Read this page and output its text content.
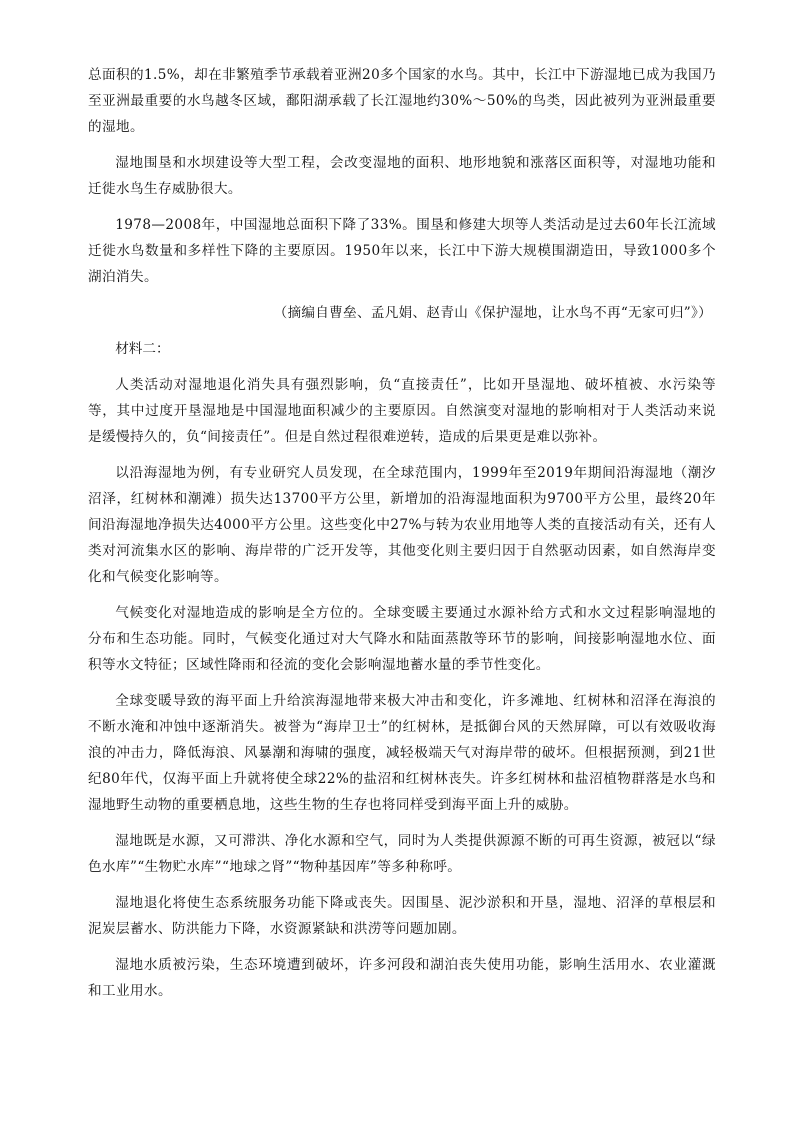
总面积的1.5%，却在非繁殖季节承载着亚洲20多个国家的水鸟。其中，长江中下游湿地已成为我国乃至亚洲最重要的水鸟越冬区域，鄱阳湖承载了长江湿地约30%～50%的鸟类，因此被列为亚洲最重要的湿地。

湿地围垦和水坝建设等大型工程，会改变湿地的面积、地形地貌和涨落区面积等，对湿地功能和迁徙水鸟生存威胁很大。

1978—2008年，中国湿地总面积下降了33%。围垦和修建大坝等人类活动是过去60年长江流域迁徙水鸟数量和多样性下降的主要原因。1950年以来，长江中下游大规模围湖造田，导致1000多个湖泊消失。

（摘编自曹垒、孟凡娟、赵青山《保护湿地，让水鸟不再“无家可归”》）

材料二：

人类活动对湿地退化消失具有强烈影响，负“直接责任”，比如开垦湿地、破坏植被、水污染等等，其中过度开垦湿地是中国湿地面积减少的主要原因。自然演变对湿地的影响相对于人类活动来说是缓慢持久的，负“间接责任”。但是自然过程很难逆转，造成的后果更是难以弥补。

以沿海湿地为例，有专业研究人员发现，在全球范围内，1999年至2019年期间沿海湿地（潮汐沼泽，红树林和潮滩）损失达13700平方公里，新增加的沿海湿地面积为9700平方公里，最终20年间沿海湿地净损失达4000平方公里。这些变化中27%与转为农业用地等人类的直接活动有关，还有人类对河流集水区的影响、海岸带的广泛开发等，其他变化则主要归因于自然驱动因素，如自然海岸变化和气候变化影响等。

气候变化对湿地造成的影响是全方位的。全球变暖主要通过水源补给方式和水文过程影响湿地的分布和生态功能。同时，气候变化通过对大气降水和陆面蒸散等环节的影响，间接影响湿地水位、面积等水文特征；区域性降雨和径流的变化会影响湿地蓄水量的季节性变化。

全球变暖导致的海平面上升给滨海湿地带来极大冲击和变化，许多滩地、红树林和沼泽在海浪的不断水淹和冲蚀中逐渐消失。被誉为“海岸卫士”的红树林，是抵御台风的天然屏障，可以有效吸收海浪的冲击力，降低海浪、风暴潮和海啸的强度，减轻极端天气对海岸带的破坏。但根据预测，到21世纪80年代，仅海平面上升就将使全球22%的盐沼和红树林丧失。许多红树林和盐沼植物群落是水鸟和湿地野生动物的重要栖息地，这些生物的生存也将同样受到海平面上升的威胁。

湿地既是水源，又可滞洪、净化水源和空气，同时为人类提供源源不断的可再生资源，被冠以“绿色水库”“生物贮水库”“地球之肾”“物种基因库”等多种称呼。

湿地退化将使生态系统服务功能下降或丧失。因围垦、泥沙淤积和开垦，湿地、沼泽的草根层和泥炭层蓄水、防洪能力下降，水资源紧缺和洪涝等问题加剧。

湿地水质被污染，生态环境遭到破坏，许多河段和湖泊丧失使用功能，影响生活用水、农业灌溉和工业用水。
